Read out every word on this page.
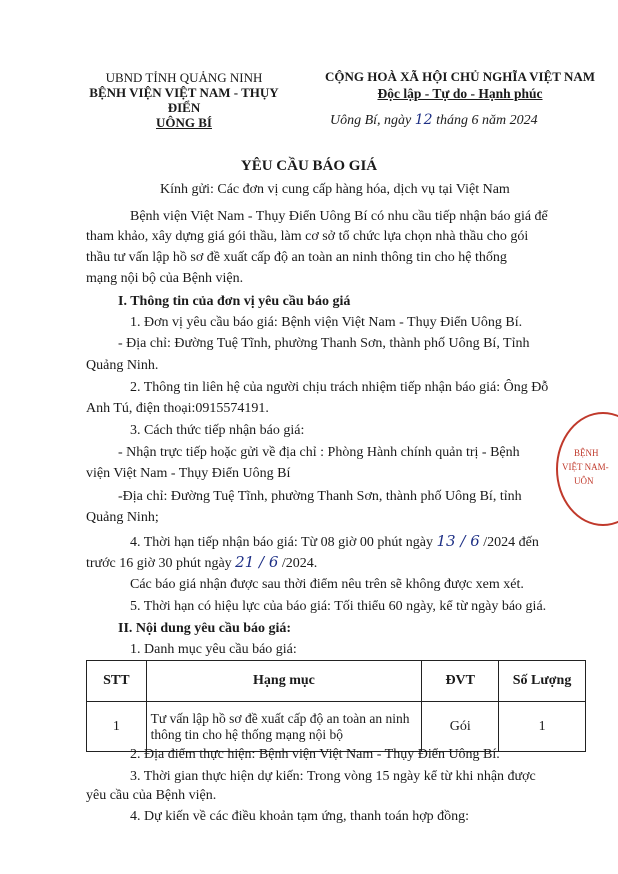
UBND TỈNH QUẢNG NINH
BỆNH VIỆN VIỆT NAM - THỤY ĐIỂN
UÔNG BÍ
CỘNG HOÀ XÃ HỘI CHỦ NGHĨA VIỆT NAM
Độc lập - Tự do - Hạnh phúc
Uông Bí, ngày 12 tháng 6 năm 2024
YÊU CẦU BÁO GIÁ
Kính gửi: Các đơn vị cung cấp hàng hóa, dịch vụ tại Việt Nam
Bệnh viện Việt Nam - Thụy Điển Uông Bí có nhu cầu tiếp nhận báo giá để
tham khảo, xây dựng giá gói thầu, làm cơ sở tổ chức lựa chọn nhà thầu cho gói
thầu tư vấn lập hồ sơ đề xuất cấp độ an toàn an ninh thông tin cho hệ thống
mạng nội bộ của Bệnh viện.
I. Thông tin của đơn vị yêu cầu báo giá
1. Đơn vị yêu cầu báo giá: Bệnh viện Việt Nam - Thụy Điển Uông Bí.
- Địa chỉ: Đường Tuệ Tĩnh, phường Thanh Sơn, thành phố Uông Bí, Tỉnh
Quảng Ninh.
2. Thông tin liên hệ của người chịu trách nhiệm tiếp nhận báo giá: Ông Đỗ
Anh Tú, điện thoại:0915574191.
3. Cách thức tiếp nhận báo giá:
- Nhận trực tiếp hoặc gửi về địa chỉ : Phòng Hành chính quản trị - Bệnh
viện Việt Nam - Thụy Điển Uông Bí
-Địa chỉ: Đường Tuệ Tĩnh, phường Thanh Sơn, thành phố Uông Bí, tỉnh
Quảng Ninh;
4. Thời hạn tiếp nhận báo giá: Từ 08 giờ 00 phút ngày 13 / 6 /2024 đến
trước 16 giờ 30 phút ngày 21 / 6 /2024.
Các báo giá nhận được sau thời điểm nêu trên sẽ không được xem xét.
5. Thời hạn có hiệu lực của báo giá: Tối thiểu 60 ngày, kể từ ngày báo giá.
II. Nội dung yêu cầu báo giá:
1. Danh mục yêu cầu báo giá:
STT	Hạng mục	ĐVT	Số Lượng
1	Tư vấn lập hồ sơ đề xuất cấp độ an toàn an ninh thông tin cho hệ thống mạng nội bộ	Gói	1
2. Địa điểm thực hiện: Bệnh viện Việt Nam - Thụy Điển Uông Bí.
3. Thời gian thực hiện dự kiến: Trong vòng 15 ngày kể từ khi nhận được
yêu cầu của Bệnh viện.
4. Dự kiến về các điều khoản tạm ứng, thanh toán hợp đồng:
BỆNH
VIỆT NAM-
UÔN
